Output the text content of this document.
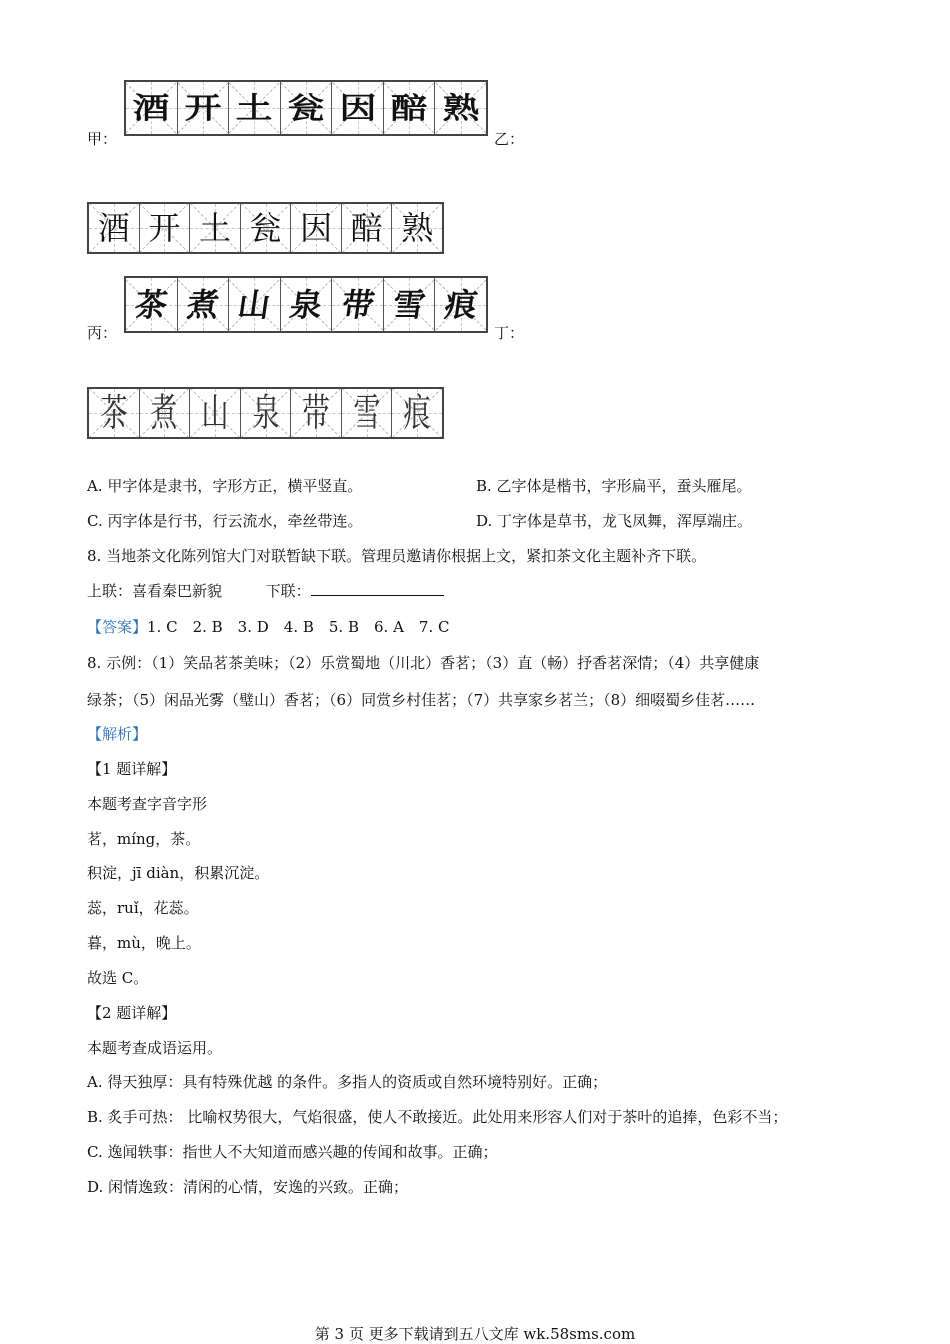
甲：
酒 开 土 瓮 因 醅 熟
乙：
酒 开 土 瓮 因 醅 熟
丙：
茶 煮 山 泉 带 雪 痕
丁：
茶 煮 山 泉 带 雪 痕
A. 甲字体是隶书，字形方正，横平竖直。	B. 乙字体是楷书，字形扁平，蚕头雁尾。
C. 丙字体是行书，行云流水，牵丝带连。	D. 丁字体是草书，龙飞凤舞，浑厚端庄。
8. 当地茶文化陈列馆大门对联暂缺下联。管理员邀请你根据上文，紧扣茶文化主题补齐下联。
上联：喜看秦巴新貌	下联：
【答案】1. C　2. B　3. D　4. B　5. B　6. A　7. C
8. 示例：（1）笑品茗茶美味；（2）乐赏蜀地（川北）香茗；（3）直（畅）抒香茗深情；（4）共享健康
绿茶；（5）闲品光雾（璧山）香茗；（6）同赏乡村佳茗；（7）共享家乡茗兰；（8）细啜蜀乡佳茗……
【解析】
【1 题详解】
本题考查字音字形
茗，míng，茶。
积淀，jī diàn，积累沉淀。
蕊，ruǐ，花蕊。
暮，mù，晚上。
故选 C。
【2 题详解】
本题考查成语运用。
A. 得天独厚：具有特殊优越 的条件。多指人的资质或自然环境特别好。正确；
B. 炙手可热： 比喻权势很大，气焰很盛，使人不敢接近。此处用来形容人们对于茶叶的追捧，色彩不当；
C. 逸闻轶事：指世人不大知道而感兴趣的传闻和故事。正确；
D. 闲情逸致：清闲的心情，安逸的兴致。正确；
第 3 页 更多下载请到五八文库 wk.58sms.com
